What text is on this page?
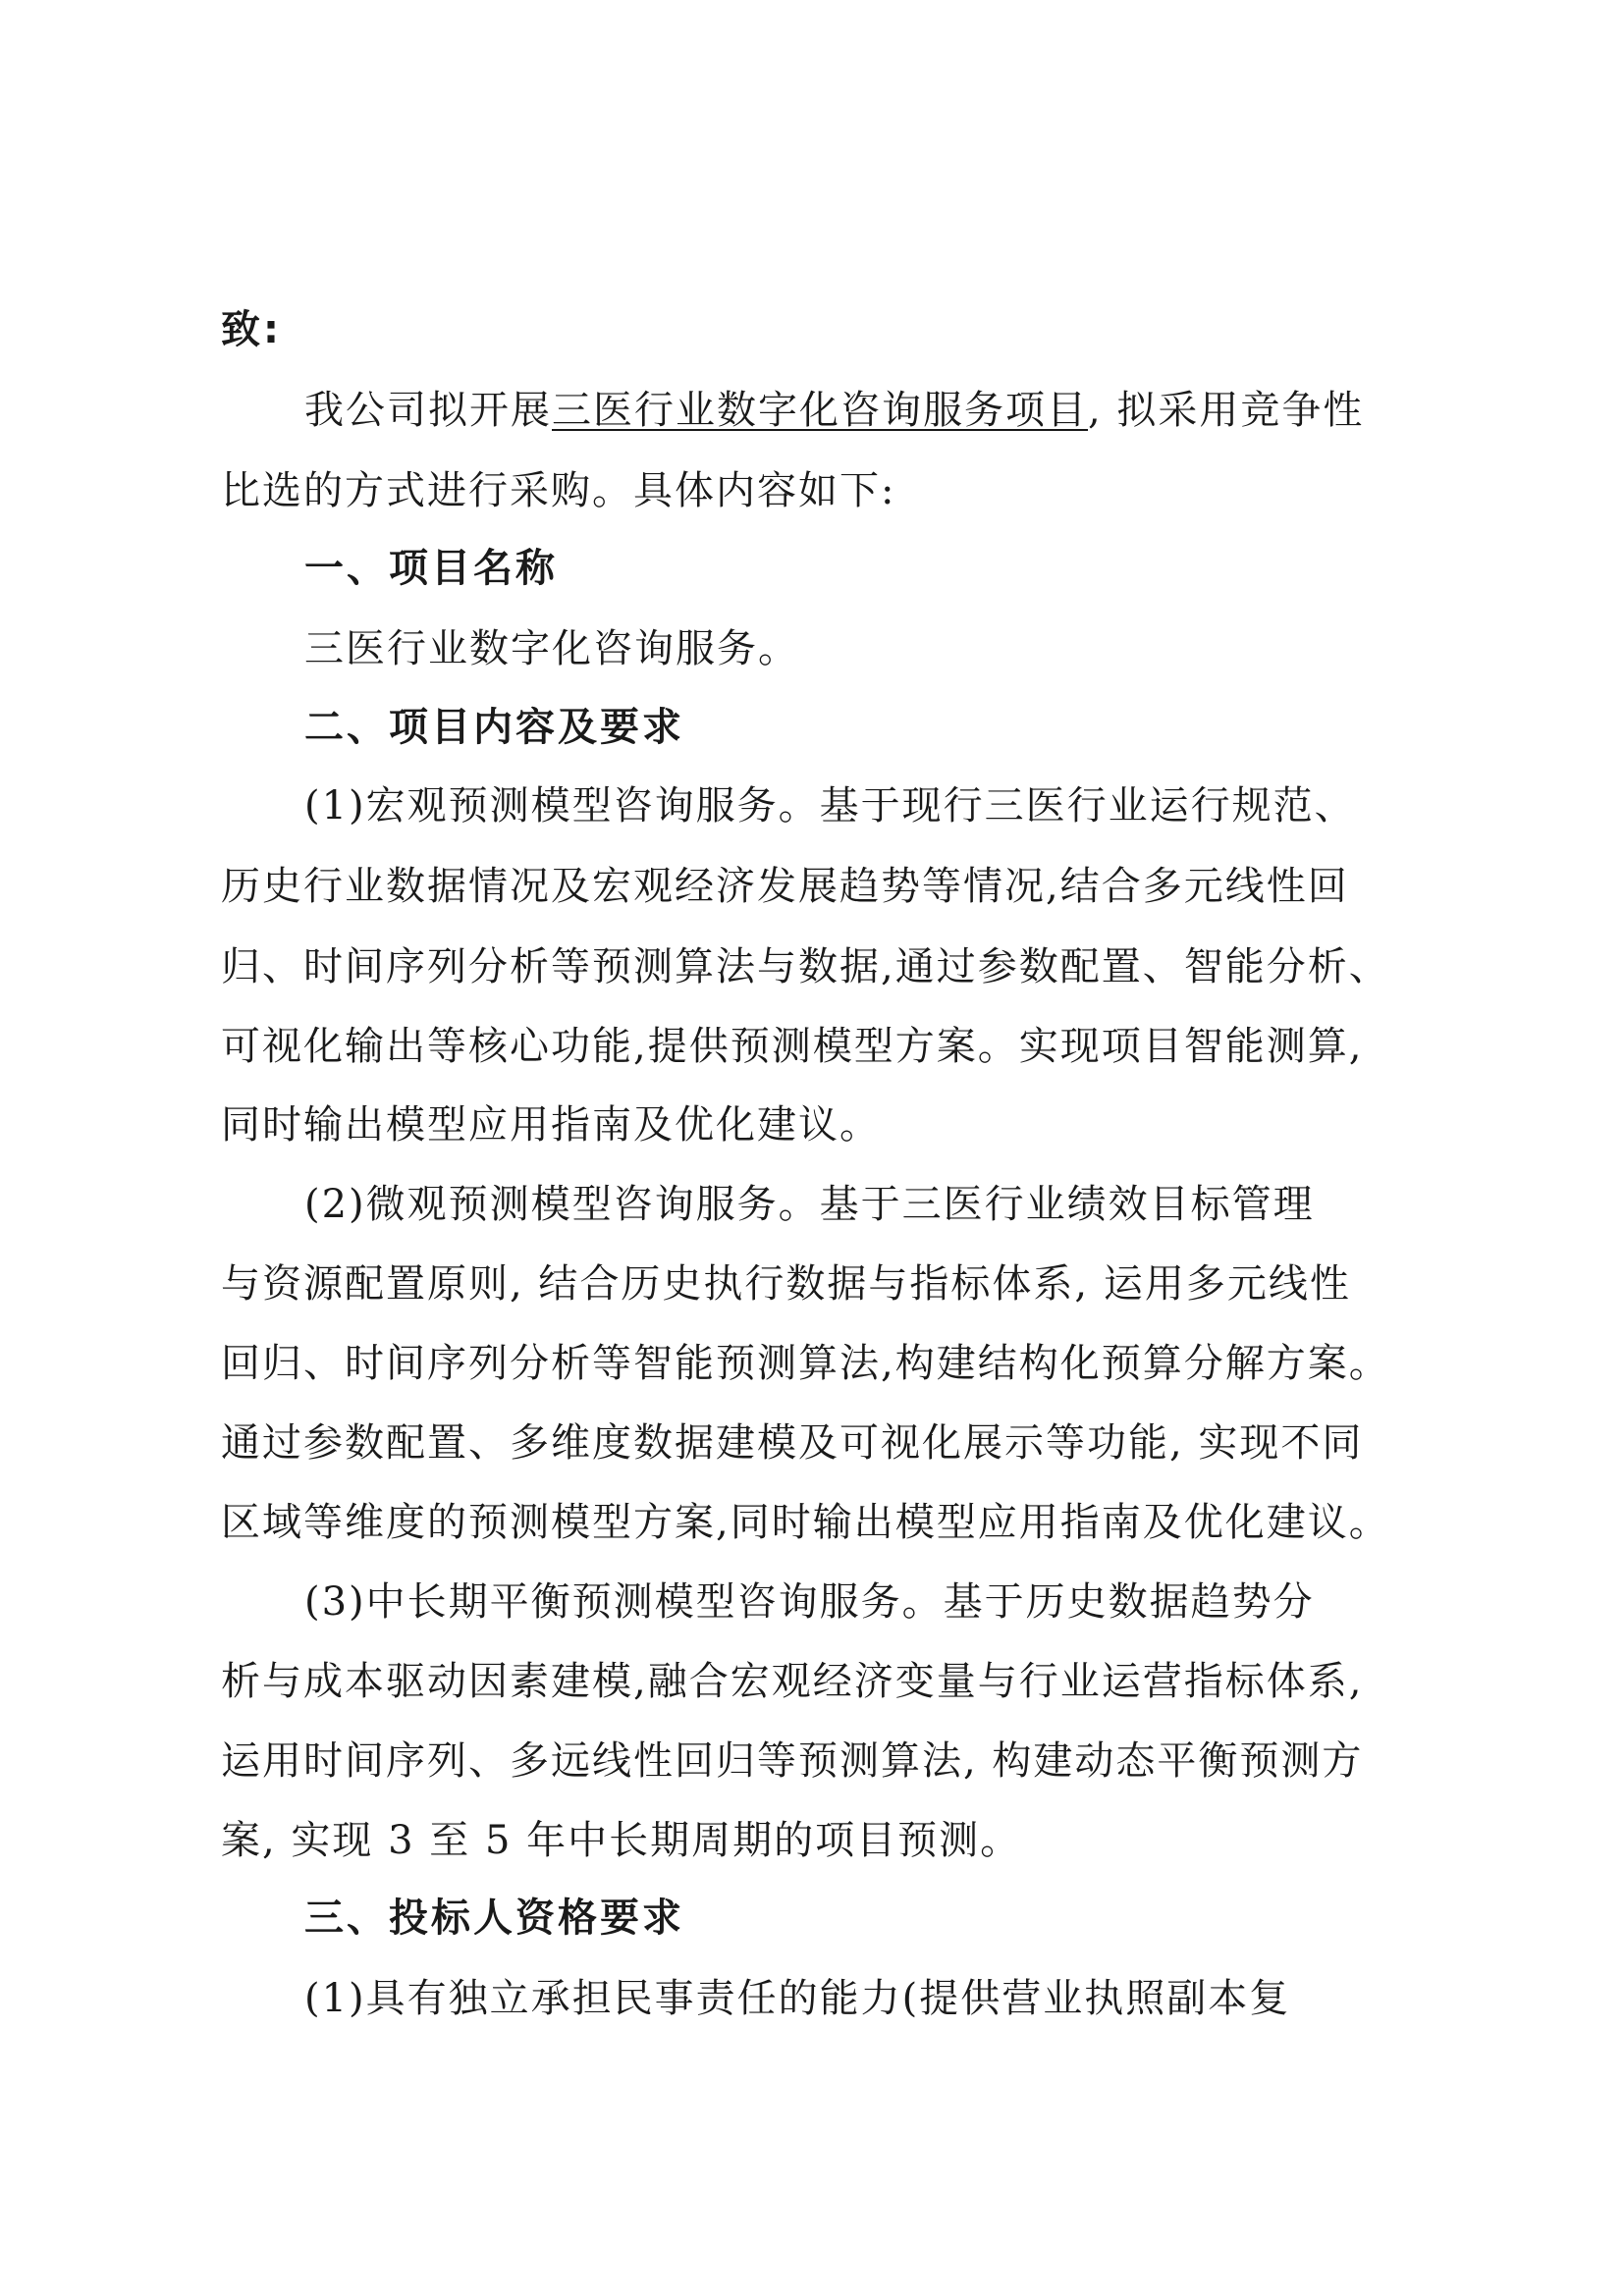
致:
我公司拟开展三医行业数字化咨询服务项目, 拟采用竞争性
比选的方式进行采购。具体内容如下:
一、项目名称
三医行业数字化咨询服务。
二、项目内容及要求
(1)宏观预测模型咨询服务。基于现行三医行业运行规范、
历史行业数据情况及宏观经济发展趋势等情况,结合多元线性回
归、时间序列分析等预测算法与数据,通过参数配置、智能分析、
可视化输出等核心功能,提供预测模型方案。实现项目智能测算,
同时输出模型应用指南及优化建议。
(2)微观预测模型咨询服务。基于三医行业绩效目标管理
与资源配置原则, 结合历史执行数据与指标体系, 运用多元线性
回归、时间序列分析等智能预测算法,构建结构化预算分解方案。
通过参数配置、多维度数据建模及可视化展示等功能, 实现不同
区域等维度的预测模型方案,同时输出模型应用指南及优化建议。
(3)中长期平衡预测模型咨询服务。基于历史数据趋势分
析与成本驱动因素建模,融合宏观经济变量与行业运营指标体系,
运用时间序列、多远线性回归等预测算法, 构建动态平衡预测方
案, 实现 3 至 5 年中长期周期的项目预测。
三、投标人资格要求
(1)具有独立承担民事责任的能力(提供营业执照副本复
